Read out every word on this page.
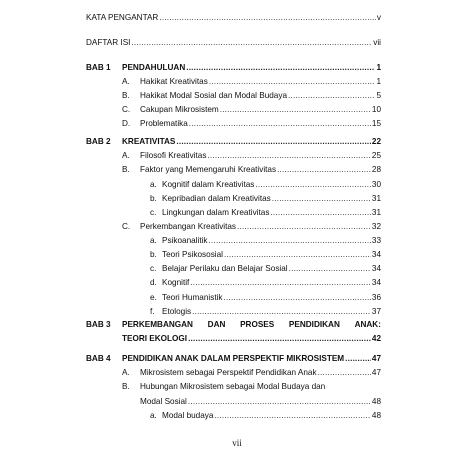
KATA PENGANTAR .....	v
DAFTAR ISI .....	vii
BAB 1 PENDAHULUAN .....	1
A. Hakikat Kreativitas .....	1
B. Hakikat Modal Sosial dan Modal Budaya .....	5
C. Cakupan Mikrosistem .....	10
D. Problematika .....	15
BAB 2 KREATIVITAS .....	22
A. Filosofi Kreativitas .....	25
B. Faktor yang Memengaruhi Kreativitas .....	28
a. Kognitif dalam Kreativitas .....	30
b. Kepribadian dalam Kreativitas .....	31
c. Lingkungan dalam Kreativitas .....	31
C. Perkembangan Kreativitas .....	32
a. Psikoanalitik .....	33
b. Teori Psikososial .....	34
c. Belajar Perilaku dan Belajar Sosial .....	34
d. Kognitif .....	34
e. Teori Humanistik .....	36
f. Etologis .....	37
BAB 3 PERKEMBANGAN DAN PROSES PENDIDIKAN ANAK:
TEORI EKOLOGI .....	42
BAB 4 PENDIDIKAN ANAK DALAM PERSPEKTIF MIKROSISTEM .....	47
A. Mikrosistem sebagai Perspektif Pendidikan Anak .....	47
B. Hubungan Mikrosistem sebagai Modal Budaya dan
Modal Sosial .....	48
a. Modal budaya .....	48
vii
